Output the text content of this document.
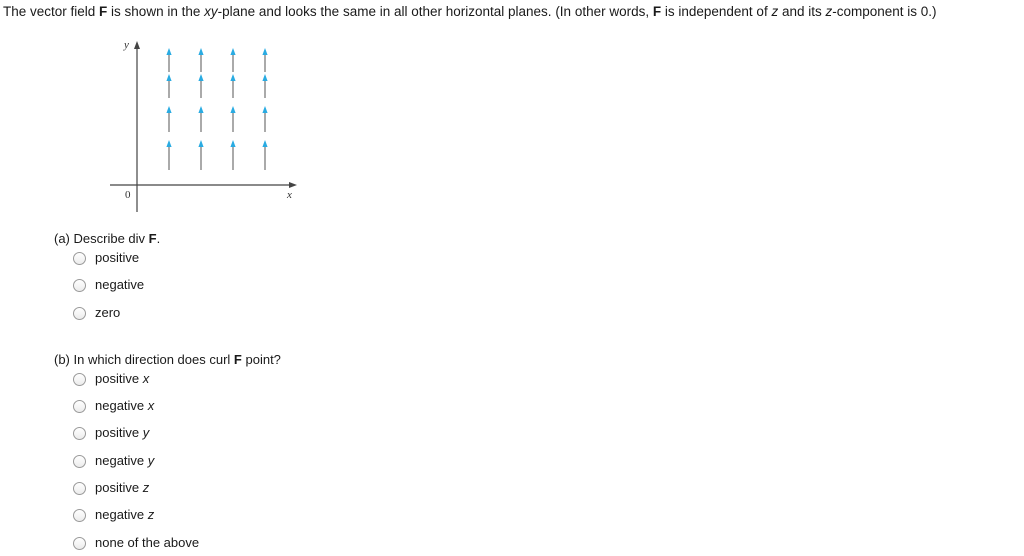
The vector field F is shown in the xy-plane and looks the same in all other horizontal planes. (In other words, F is independent of z and its z-component is 0.)
y
x
0
(a) Describe div F.
positive
negative
zero
(b) In which direction does curl F point?
positive x
negative x
positive y
negative y
positive z
negative z
none of the above
